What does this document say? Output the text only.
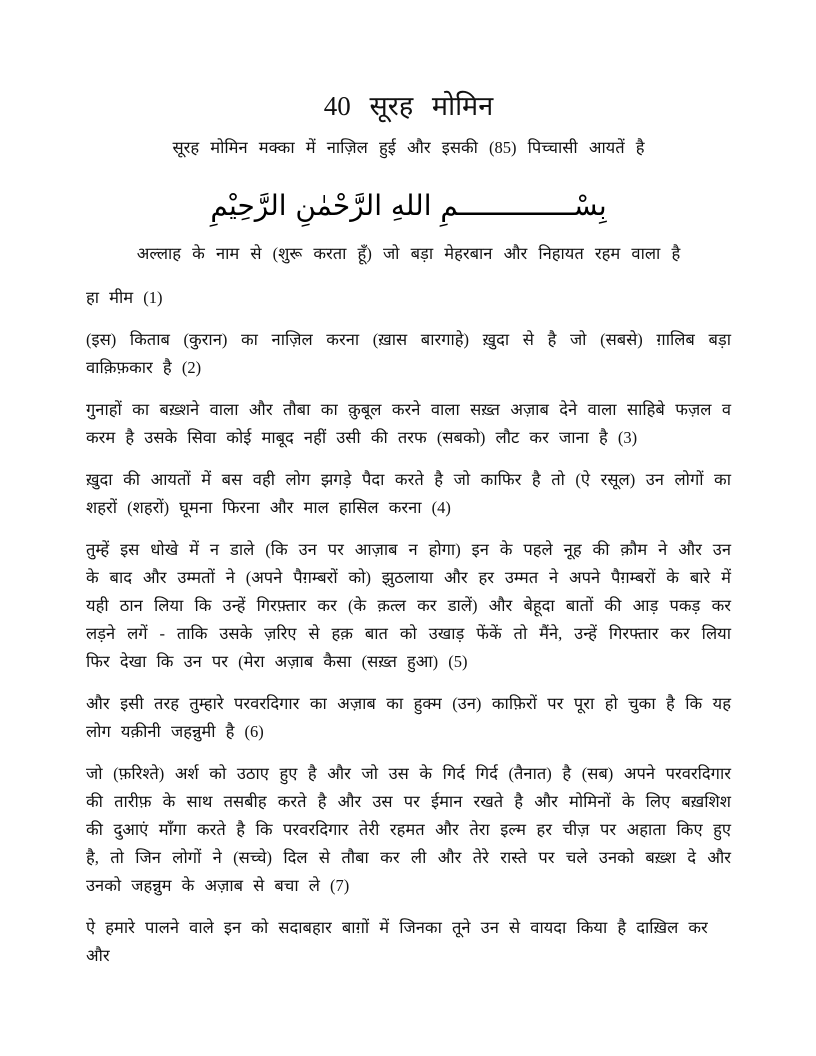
40 सूरह मोमिन
सूरह मोमिन मक्का में नाज़िल हुई और इसकी (85) पिच्चासी आयतें है
بِسْــــــــــــــمِ اللهِ الرَّحْمٰنِ الرَّحِيْمِ
अल्लाह के नाम से (शुरू करता हूँ) जो बड़ा मेहरबान और निहायत रहम वाला है

हा मीम (1)

(इस) किताब (कुरान) का नाज़िल करना (ख़ास बारगाहे) ख़ुदा से है जो (सबसे) ग़ालिब बड़ा वाक़िफ़कार है (2)

गुनाहों का बख़्शने वाला और तौबा का क़ुबूल करने वाला सख़्त अज़ाब देने वाला साहिबे फज़ल व करम है उसके सिवा कोई माबूद नहीं उसी की तरफ (सबको) लौट कर जाना है (3)

ख़ुदा की आयतों में बस वही लोग झगड़े पैदा करते है जो काफिर है तो (ऐ रसूल) उन लोगों का शहरों (शहरों) घूमना फिरना और माल हासिल करना (4)

तुम्हें इस धोखे में न डाले (कि उन पर आज़ाब न होगा) इन के पहले नूह की क़ौम ने और उन के बाद और उम्मतों ने (अपने पैग़म्बरों को) झुठलाया और हर उम्मत ने अपने पैग़म्बरों के बारे में यही ठान लिया कि उन्हें गिरफ़्तार कर (के क़त्ल कर डालें) और बेहूदा बातों की आड़ पकड़ कर लड़ने लगें - ताकि उसके ज़रिए से हक़ बात को उखाड़ फेंकें तो मैंने, उन्हें गिरफ्तार कर लिया फिर देखा कि उन पर (मेरा अज़ाब कैसा (सख़्त हुआ) (5)

और इसी तरह तुम्हारे परवरदिगार का अज़ाब का हुक्म (उन) काफ़िरों पर पूरा हो चुका है कि यह लोग यक़ीनी जहन्नुमी है (6)

जो (फ़रिश्ते) अर्श को उठाए हुए है और जो उस के गिर्द गिर्द (तैनात) है (सब) अपने परवरदिगार की तारीफ़ के साथ तसबीह करते है और उस पर ईमान रखते है और मोमिनों के लिए बख़शिश की दुआएं माँगा करते है कि परवरदिगार तेरी रहमत और तेरा इल्म हर चीज़ पर अहाता किए हुए है, तो जिन लोगों ने (सच्चे) दिल से तौबा कर ली और तेरे रास्ते पर चले उनको बख़्श दे और उनको जहन्नुम के अज़ाब से बचा ले (7)

ऐ हमारे पालने वाले इन को सदाबहार बाग़ों में जिनका तूने उन से वायदा किया है दाख़िल कर और
